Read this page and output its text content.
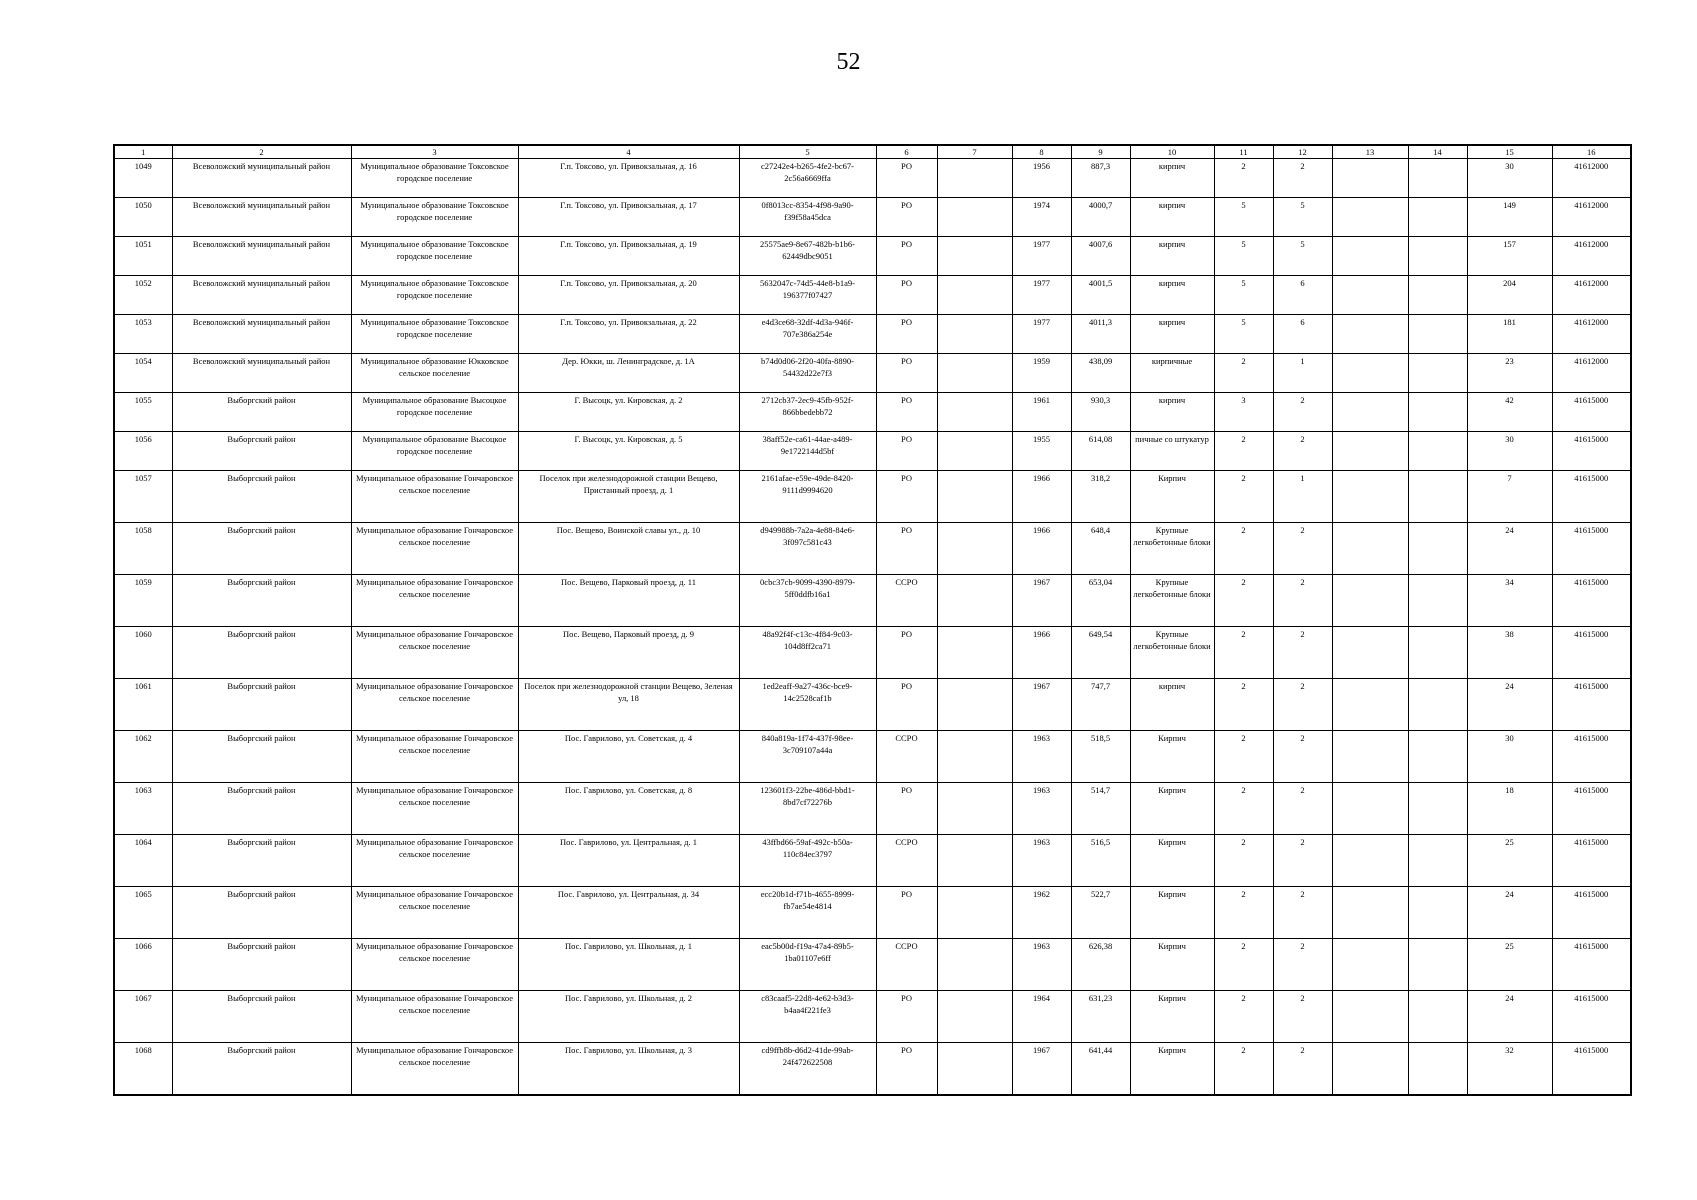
52
1	2	3	4	5	6	7	8	9	10	11	12	13	14	15	16
1049	Всеволожский муниципальный район	Муниципальное образование Токсовское городское поселение	Г.п. Токсово, ул. Привокзальная, д. 16	c27242e4-b265-4fe2-bc67-2c56a6669ffa	РО		1956	887,3	кирпич	2	2			30	41612000
1050	Всеволожский муниципальный район	Муниципальное образование Токсовское городское поселение	Г.п. Токсово, ул. Привокзальная, д. 17	0f8013cc-8354-4f98-9a90-f39f58a45dca	РО		1974	4000,7	кирпич	5	5			149	41612000
1051	Всеволожский муниципальный район	Муниципальное образование Токсовское городское поселение	Г.п. Токсово, ул. Привокзальная, д. 19	25575ae9-8e67-482b-b1b6-62449dbc9051	РО		1977	4007,6	кирпич	5	5			157	41612000
1052	Всеволожский муниципальный район	Муниципальное образование Токсовское городское поселение	Г.п. Токсово, ул. Привокзальная, д. 20	5632047c-74d5-44e8-b1a9-196377f07427	РО		1977	4001,5	кирпич	5	6			204	41612000
1053	Всеволожский муниципальный район	Муниципальное образование Токсовское городское поселение	Г.п. Токсово, ул. Привокзальная, д. 22	e4d3ce68-32df-4d3a-946f-707e386a254e	РО		1977	4011,3	кирпич	5	6			181	41612000
1054	Всеволожский муниципальный район	Муниципальное образование Юкковское сельское поселение	Дер. Юкки, ш. Ленинградское, д. 1А	b74d0d06-2f20-40fa-8890-54432d22e7f3	РО		1959	438,09	кирпичные	2	1			23	41612000
1055	Выборгский район	Муниципальное образование Высоцкое городское поселение	Г. Высоцк, ул. Кировская, д. 2	2712cb37-2ec9-45fb-952f-866bbedebb72	РО		1961	930,3	кирпич	3	2			42	41615000
1056	Выборгский район	Муниципальное образование Высоцкое городское поселение	Г. Высоцк, ул. Кировская, д. 5	38aff52e-ca61-44ae-a489-9e1722144d5bf	РО		1955	614,08	пичные со штукатур	2	2			30	41615000
1057	Выборгский район	Муниципальное образование Гончаровское сельское поселение	Поселок при железнодорожной станции Вещево, Пристанный проезд, д. 1	2161afae-e59e-49de-8420-9111d9994620	РО		1966	318,2	Кирпич	2	1			7	41615000
1058	Выборгский район	Муниципальное образование Гончаровское сельское поселение	Пос. Вещево, Воинской славы ул., д. 10	d949988b-7a2a-4e88-84e6-3f097c581c43	РО		1966	648,4	Крупные легкобетонные блоки	2	2			24	41615000
1059	Выборгский район	Муниципальное образование Гончаровское сельское поселение	Пос. Вещево, Парковый проезд, д. 11	0cbc37cb-9099-4390-8979-5ff0ddfb16a1	ССРО		1967	653,04	Крупные легкобетонные блоки	2	2			34	41615000
1060	Выборгский район	Муниципальное образование Гончаровское сельское поселение	Пос. Вещево, Парковый проезд, д. 9	48a92f4f-c13c-4f84-9c03-104d8ff2ca71	РО		1966	649,54	Крупные легкобетонные блоки	2	2			38	41615000
1061	Выборгский район	Муниципальное образование Гончаровское сельское поселение	Поселок при железнодорожной станции Вещево, Зеленая ул, 18	1ed2eaff-9a27-436c-bce9-14c2528caf1b	РО		1967	747,7	кирпич	2	2			24	41615000
1062	Выборгский район	Муниципальное образование Гончаровское сельское поселение	Пос. Гаврилово, ул. Советская, д. 4	840a819a-1f74-437f-98ee-3c709107a44a	ССРО		1963	518,5	Кирпич	2	2			30	41615000
1063	Выборгский район	Муниципальное образование Гончаровское сельское поселение	Пос. Гаврилово, ул. Советская, д. 8	123601f3-22be-486d-bbd1-8bd7cf72276b	РО		1963	514,7	Кирпич	2	2			18	41615000
1064	Выборгский район	Муниципальное образование Гончаровское сельское поселение	Пос. Гаврилово, ул. Центральная, д. 1	43ffbd66-59af-492c-b50a-110c84ec3797	ССРО		1963	516,5	Кирпич	2	2			25	41615000
1065	Выборгский район	Муниципальное образование Гончаровское сельское поселение	Пос. Гаврилово, ул. Центральная, д. 34	ecc20b1d-f71b-4655-8999-fb7ae54e4814	РО		1962	522,7	Кирпич	2	2			24	41615000
1066	Выборгский район	Муниципальное образование Гончаровское сельское поселение	Пос. Гаврилово, ул. Школьная, д. 1	eac5b00d-f19a-47a4-89b5-1ba01107e6ff	ССРО		1963	626,38	Кирпич	2	2			25	41615000
1067	Выборгский район	Муниципальное образование Гончаровское сельское поселение	Пос. Гаврилово, ул. Школьная, д. 2	c83caaf5-22d8-4e62-b3d3-b4aa4f221fe3	РО		1964	631,23	Кирпич	2	2			24	41615000
1068	Выборгский район	Муниципальное образование Гончаровское сельское поселение	Пос. Гаврилово, ул. Школьная, д. 3	cd9ffb8b-d6d2-41de-99ab-24f472622508	РО		1967	641,44	Кирпич	2	2			32	41615000
